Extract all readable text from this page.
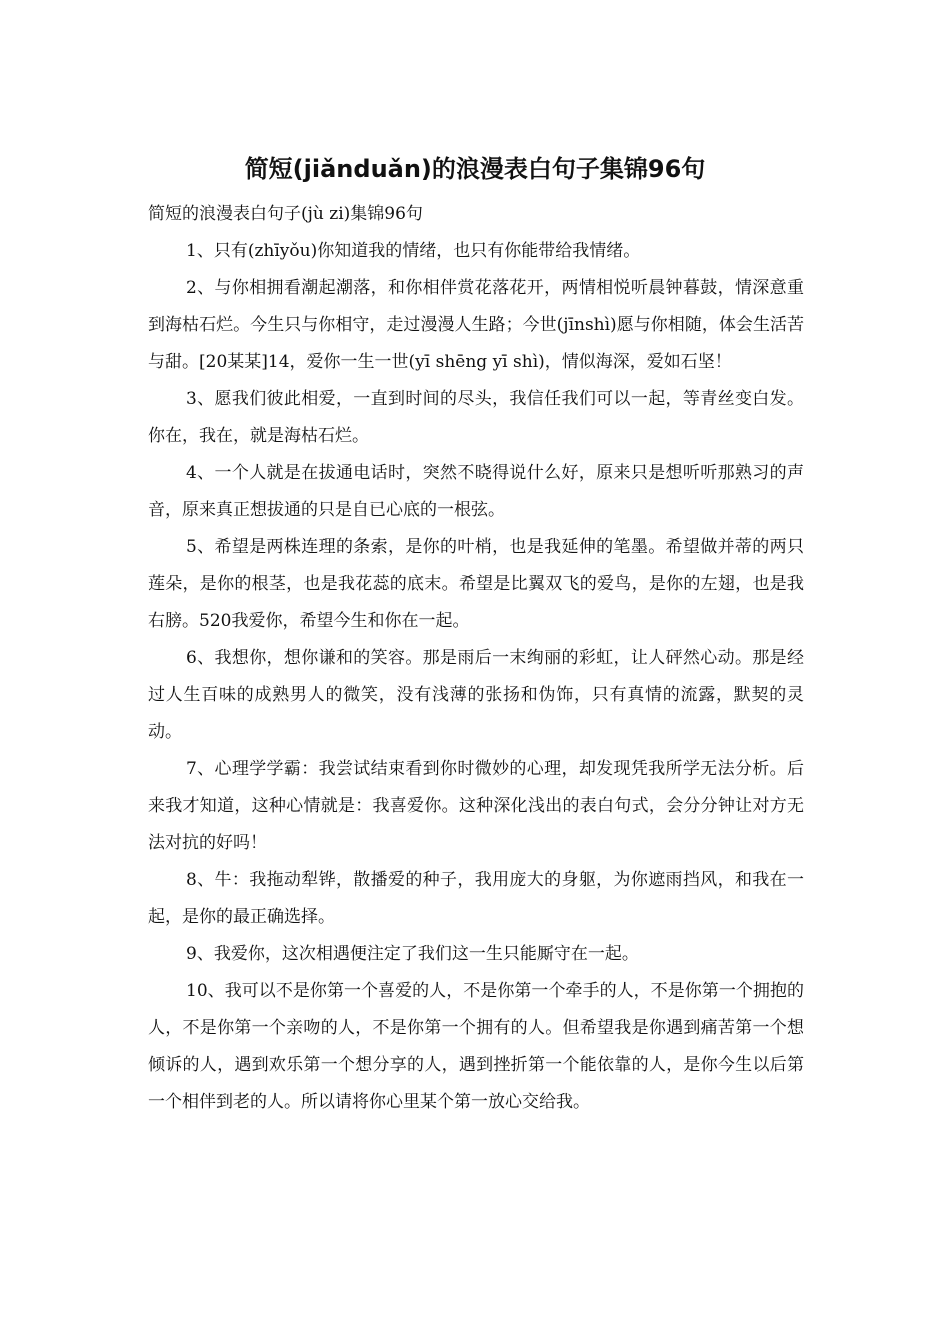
简短(jiǎnduǎn)的浪漫表白句子集锦96句

简短的浪漫表白句子(jù zi)集锦96句

1、只有(zhīyǒu)你知道我的情绪，也只有你能带给我情绪。

2、与你相拥看潮起潮落，和你相伴赏花落花开，两情相悦听晨钟暮鼓，情深意重到海枯石烂。今生只与你相守，走过漫漫人生路；今世(jīnshì)愿与你相随，体会生活苦与甜。[20某某]14，爱你一生一世(yī shēng yī shì)，情似海深，爱如石坚！

3、愿我们彼此相爱，一直到时间的尽头，我信任我们可以一起，等青丝变白发。你在，我在，就是海枯石烂。

4、一个人就是在拔通电话时，突然不晓得说什么好，原来只是想听听那熟习的声音，原来真正想拔通的只是自已心底的一根弦。

5、希望是两株连理的条索，是你的叶梢，也是我延伸的笔墨。希望做并蒂的两只莲朵，是你的根茎，也是我花蕊的底末。希望是比翼双飞的爱鸟，是你的左翅，也是我右膀。520我爱你，希望今生和你在一起。

6、我想你，想你谦和的笑容。那是雨后一末绚丽的彩虹，让人砰然心动。那是经过人生百味的成熟男人的微笑，没有浅薄的张扬和伪饰，只有真情的流露，默契的灵动。

7、心理学学霸：我尝试结束看到你时微妙的心理，却发现凭我所学无法分析。后来我才知道，这种心情就是：我喜爱你。这种深化浅出的表白句式，会分分钟让对方无法对抗的好吗！

8、牛：我拖动犁铧，散播爱的种子，我用庞大的身躯，为你遮雨挡风，和我在一起，是你的最正确选择。

9、我爱你，这次相遇便注定了我们这一生只能厮守在一起。

10、我可以不是你第一个喜爱的人，不是你第一个牵手的人，不是你第一个拥抱的人，不是你第一个亲吻的人，不是你第一个拥有的人。但希望我是你遇到痛苦第一个想倾诉的人，遇到欢乐第一个想分享的人，遇到挫折第一个能依靠的人，是你今生以后第一个相伴到老的人。所以请将你心里某个第一放心交给我。
